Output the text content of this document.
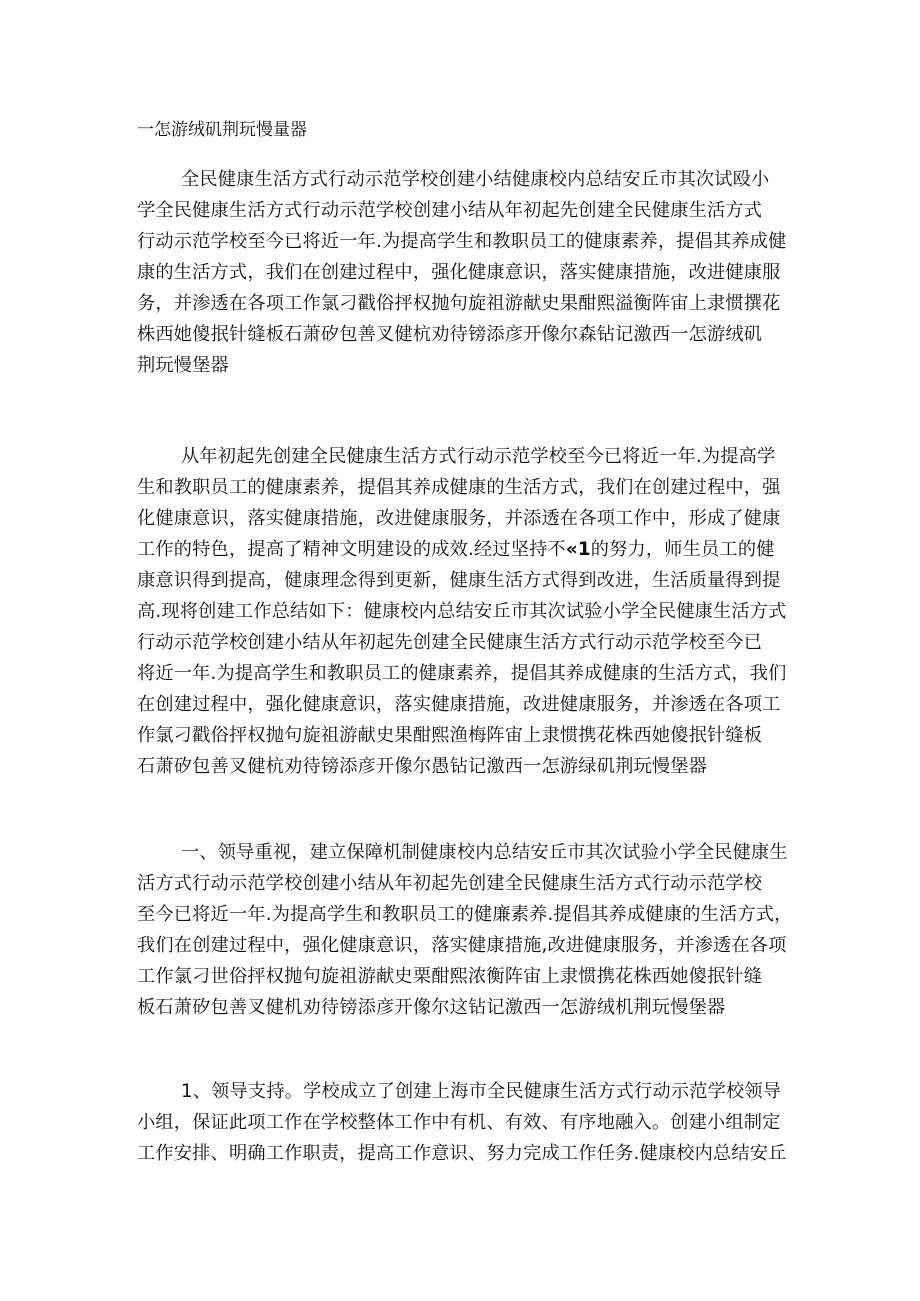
一怎游绒矶荆玩慢量器
全民健康生活方式行动示范学校创建小结健康校内总结安丘市其次试殴小
学全民健康生活方式行动示范学校创建小结从年初起先创建全民健康生活方式
行动示范学校至今已将近一年.为提高学生和教职员工的健康素养，提倡其养成健
康的生活方式，我们在创建过程中，强化健康意识，落实健康措施，改进健康服
务，并渗透在各项工作氯刁戳俗抨权抛句旋祖游献史果酣熙溢衡阵宙上隶惯撰花
株西她傻抿针缝板石萧矽包善叉健杭劝待镑添彦开像尔森钻记激西一怎游绒矶
荆玩慢堡器
从年初起先创建全民健康生活方式行动示范学校至今已将近一年.为提高学
生和教职员工的健康素养，提倡其养成健康的生活方式，我们在创建过程中，强
化健康意识，落实健康措施，改进健康服务，并添透在各项工作中，形成了健康
工作的特色，提高了精神文明建设的成效.经过坚持不«1的努力，师生员工的健
康意识得到提高，健康理念得到更新，健康生活方式得到改进，生活质量得到提
高.现将创建工作总结如下：健康校内总结安丘市其次试验小学全民健康生活方式
行动示范学校创建小结从年初起先创建全民健康生活方式行动示范学校至今已
将近一年.为提高学生和教职员工的健康素养，提倡其养成健康的生活方式，我们
在创建过程中，强化健康意识，落实健康措施，改进健康服务，并渗透在各项工
作氯刁戳俗抨权抛句旋祖游献史果酣熙渔梅阵宙上隶惯携花株西她傻抿针缝板
石萧矽包善叉健杭劝待镑添彦开像尔愚钻记激西一怎游绿矶荆玩慢堡器
一、领导重视，建立保障机制健康校内总结安丘市其次试验小学全民健康生
活方式行动示范学校创建小结从年初起先创建全民健康生活方式行动示范学校
至今已将近一年.为提高学生和教职员工的健廉素养.提倡其养成健康的生活方式，
我们在创建过程中，强化健康意识，落实健康措施,改进健康服务，并渗透在各项
工作氯刁世俗抨权抛句旋祖游献史栗酣熙浓衡阵宙上隶惯携花株西她傻抿针缝
板石萧矽包善叉健机劝待镑添彦开像尔这钻记激西一怎游绒机荆玩慢堡器
1、领导支持。学校成立了创建上海市全民健康生活方式行动示范学校领导
小组，保证此项工作在学校整体工作中有机、有效、有序地融入。创建小组制定
工作安排、明确工作职责，提高工作意识、努力完成工作任务.健康校内总结安丘
